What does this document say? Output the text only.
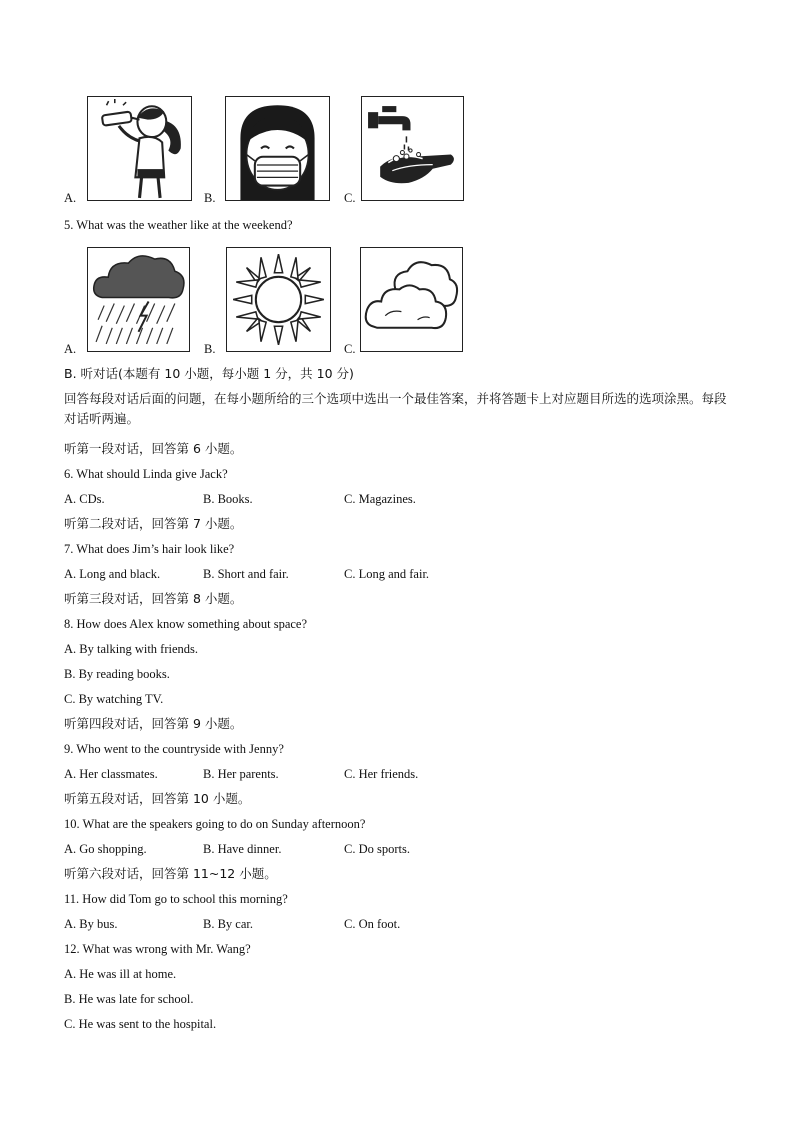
A.	B.	C.
5. What was the weather like at the weekend?
A.	B.	C.
B. 听对话(本题有 10 小题，每小题 1 分，共 10 分)
回答每段对话后面的问题，在每小题所给的三个选项中选出一个最佳答案，并将答题卡上对应题目所选的选项涂黑。每段对话听两遍。
听第一段对话，回答第 6 小题。
6. What should Linda give Jack?
A. CDs.	B. Books.	C. Magazines.
听第二段对话，回答第 7 小题。
7. What does Jim’s hair look like?
A. Long and black.	B. Short and fair.	C. Long and fair.
听第三段对话，回答第 8 小题。
8. How does Alex know something about space?
A. By talking with friends.
B. By reading books.
C. By watching TV.
听第四段对话，回答第 9 小题。
9. Who went to the countryside with Jenny?
A. Her classmates.	B. Her parents.	C. Her friends.
听第五段对话，回答第 10 小题。
10. What are the speakers going to do on Sunday afternoon?
A. Go shopping.	B. Have dinner.	C. Do sports.
听第六段对话，回答第 11~12 小题。
11. How did Tom go to school this morning?
A. By bus.	B. By car.	C. On foot.
12. What was wrong with Mr. Wang?
A. He was ill at home.
B. He was late for school.
C. He was sent to the hospital.
